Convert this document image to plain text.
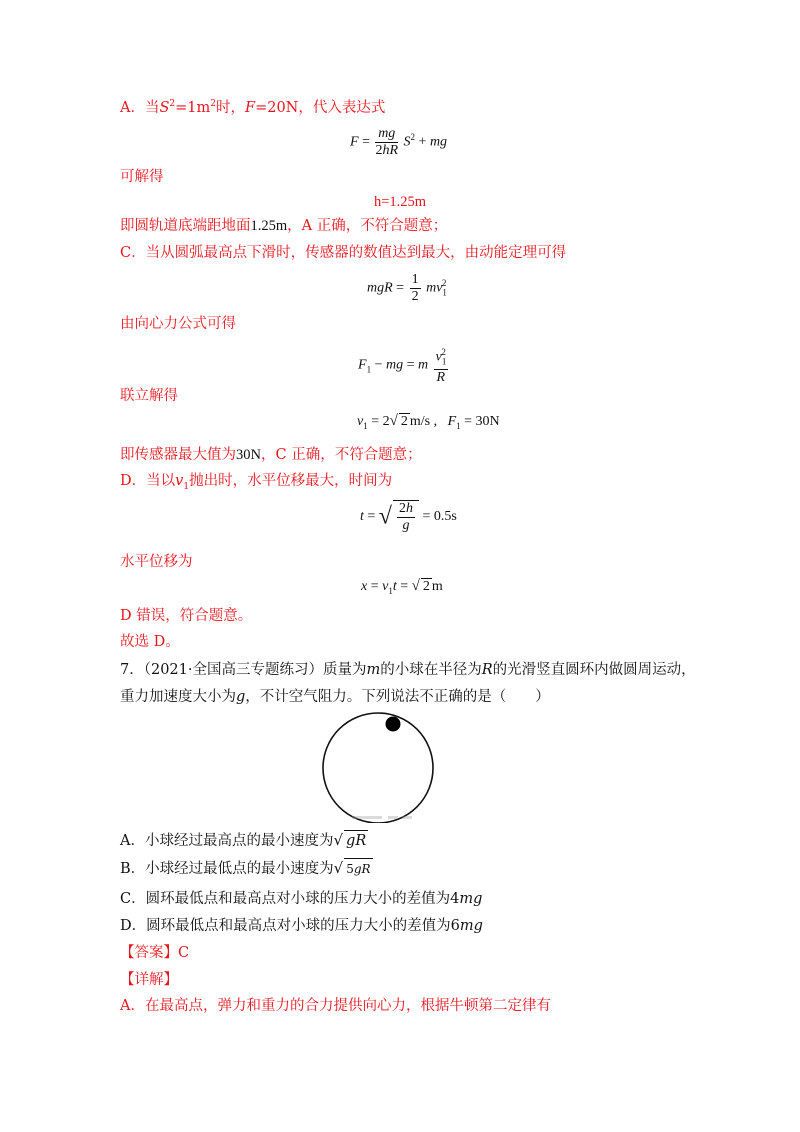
A．当$S^2=1m^2$时，F=20N，代入表达式
$F = \frac{mg}{2hR} S^2$ + mg
可解得
h=1.25m
即圆轨道底端距地面1.25m，A 正确，不符合题意；
C．当从圆弧最高点下滑时，传感器的数值达到最大，由动能定理可得
mgR = $\frac{1}{2} mv_1^2$
由向心力公式可得
$F_1$ − mg = m $\frac{v_1^2}{R}$
联立解得
$v_1 = 2√$ 2 m/s ,   $F_1 = 30N$
即传感器最大值为30N，C 正确，不符合题意；
D．当以$v_1$抛出时，水平位移最大，时间为
t = √ $\frac{2h}{g} = 0.5s$
水平位移为
$x = v_1t$ = √ 2 m
D 错误，符合题意。
故选 D。
7．（2021·全国高三专题练习）质量为m的小球在半径为R的光滑竖直圆环内做圆周运动，
重力加速度大小为g，不计空气阻力。下列说法不正确的是（　　）
A．小球经过最高点的最小速度为√ gR
B．小球经过最低点的最小速度为√ 5gR
C．圆环最低点和最高点对小球的压力大小的差值为4mg
D．圆环最低点和最高点对小球的压力大小的差值为6mg
【答案】C
【详解】
A．在最高点，弹力和重力的合力提供向心力，根据牛顿第二定律有
